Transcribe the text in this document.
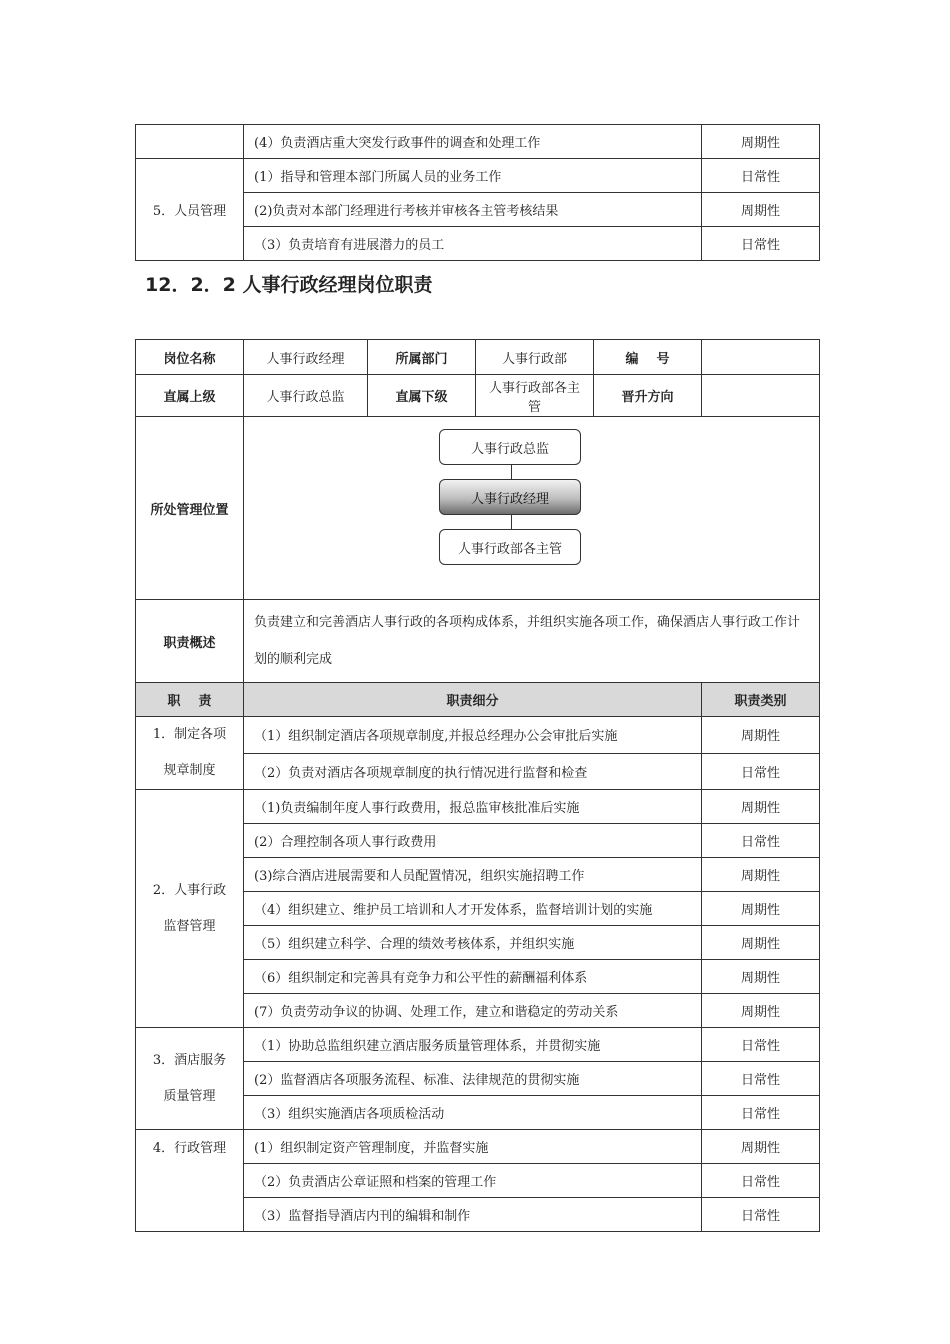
	(4）负责酒店重大突发行政事件的调查和处理工作	周期性
5．人员管理	(1）指导和管理本部门所属人员的业务工作	日常性
	(2)负责对本部门经理进行考核并审核各主管考核结果	周期性
	（3）负责培育有进展潜力的员工	日常性
12．2．2 人事行政经理岗位职责
岗位名称	人事行政经理	所属部门	人事行政部	编    号	
直属上级	人事行政总监	直属下级	人事行政部各主管	晋升方向	
所处管理位置	人事行政总监
人事行政经理
人事行政部各主管				

职责概述	负责建立和完善酒店人事行政的各项构成体系，并组织实施各项工作，确保酒店人事行政工作计划的顺利完成				
职    责	职责细分				职责类别
1．制定各项
规章制度	（1）组织制定酒店各项规章制度,并报总经理办公会审批后实施				周期性
	（2）负责对酒店各项规章制度的执行情况进行监督和检查				日常性
2．人事行政
监督管理	（1)负责编制年度人事行政费用，报总监审核批准后实施				周期性
	(2）合理控制各项人事行政费用				日常性
	(3)综合酒店进展需要和人员配置情况，组织实施招聘工作				周期性
	（4）组织建立、维护员工培训和人才开发体系，监督培训计划的实施				周期性
	（5）组织建立科学、合理的绩效考核体系，并组织实施				周期性
	（6）组织制定和完善具有竞争力和公平性的薪酬福利体系				周期性
	(7）负责劳动争议的协调、处理工作，建立和谐稳定的劳动关系				周期性
3．酒店服务
质量管理	（1）协助总监组织建立酒店服务质量管理体系，并贯彻实施				日常性
	(2）监督酒店各项服务流程、标准、法律规范的贯彻实施				日常性
	（3）组织实施酒店各项质检活动				日常性
4．行政管理	(1）组织制定资产管理制度，并监督实施				周期性
	（2）负责酒店公章证照和档案的管理工作				日常性
	（3）监督指导酒店内刊的编辑和制作				日常性
